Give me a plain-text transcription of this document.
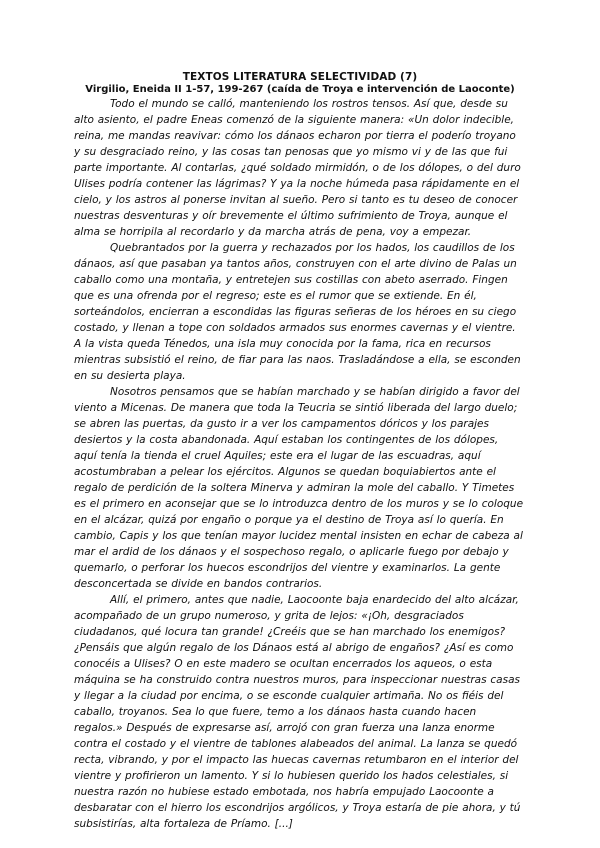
TEXTOS LITERATURA SELECTIVIDAD (7)
Virgilio, Eneida II 1-57, 199-267 (caída de Troya e intervención de Laoconte)

Todo el mundo se calló, manteniendo los rostros tensos. Así que, desde su alto asiento, el padre Eneas comenzó de la siguiente manera: «Un dolor indecible, reina, me mandas reavivar: cómo los dánaos echaron por tierra el poderío troyano y su desgraciado reino, y las cosas tan penosas que yo mismo vi y de las que fui parte importante. Al contarlas, ¿qué soldado mirmidón, o de los dólopes, o del duro Ulises podría contener las lágrimas? Y ya la noche húmeda pasa rápidamente en el cielo, y los astros al ponerse invitan al sueño. Pero si tanto es tu deseo de conocer nuestras desventuras y oír brevemente el último sufrimiento de Troya, aunque el alma se horripila al recordarlo y da marcha atrás de pena, voy a empezar.

Quebrantados por la guerra y rechazados por los hados, los caudillos de los dánaos, así que pasaban ya tantos años, construyen con el arte divino de Palas un caballo como una montaña, y entretejen sus costillas con abeto aserrado. Fingen que es una ofrenda por el regreso; este es el rumor que se extiende. En él, sorteándolos, encierran a escondidas las figuras señeras de los héroes en su ciego costado, y llenan a tope con soldados armados sus enormes cavernas y el vientre.

A la vista queda Ténedos, una isla muy conocida por la fama, rica en recursos mientras subsistió el reino, de fiar para las naos. Trasladándose a ella, se esconden en su desierta playa.

Nosotros pensamos que se habían marchado y se habían dirigido a favor del viento a Micenas. De manera que toda la Teucria se sintió liberada del largo duelo; se abren las puertas, da gusto ir a ver los campamentos dóricos y los parajes desiertos y la costa abandonada. Aquí estaban los contingentes de los dólopes, aquí tenía la tienda el cruel Aquiles; este era el lugar de las escuadras, aquí acostumbraban a pelear los ejércitos. Algunos se quedan boquiabiertos ante el regalo de perdición de la soltera Minerva y admiran la mole del caballo. Y Timetes es el primero en aconsejar que se lo introduzca dentro de los muros y se lo coloque en el alcázar, quizá por engaño o porque ya el destino de Troya así lo quería. En cambio, Capis y los que tenían mayor lucidez mental insisten en echar de cabeza al mar el ardid de los dánaos y el sospechoso regalo, o aplicarle fuego por debajo y quemarlo, o perforar los huecos escondrijos del vientre y examinarlos. La gente desconcertada se divide en bandos contrarios.

Allí, el primero, antes que nadie, Laocoonte baja enardecido del alto alcázar, acompañado de un grupo numeroso, y grita de lejos: «¡Oh, desgraciados ciudadanos, qué locura tan grande! ¿Creéis que se han marchado los enemigos? ¿Pensáis que algún regalo de los Dánaos está al abrigo de engaños? ¿Así es como conocéis a Ulises? O en este madero se ocultan encerrados los aqueos, o esta máquina se ha construido contra nuestros muros, para inspeccionar nuestras casas y llegar a la ciudad por encima, o se esconde cualquier artimaña. No os fiéis del caballo, troyanos. Sea lo que fuere, temo a los dánaos hasta cuando hacen regalos.» Después de expresarse así, arrojó con gran fuerza una lanza enorme contra el costado y el vientre de tablones alabeados del animal. La lanza se quedó recta, vibrando, y por el impacto las huecas cavernas retumbaron en el interior del vientre y profirieron un lamento. Y si lo hubiesen querido los hados celestiales, si nuestra razón no hubiese estado embotada, nos habría empujado Laocoonte a desbaratar con el hierro los escondrijos argólicos, y Troya estaría de pie ahora, y tú subsistirías, alta fortaleza de Príamo. [...]
